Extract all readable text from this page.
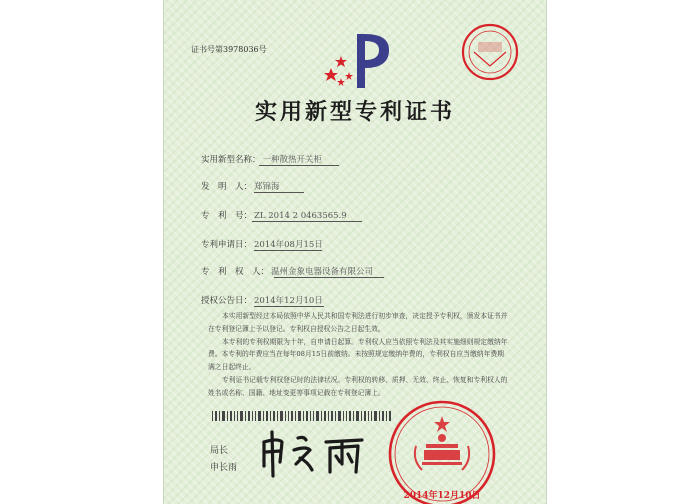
证书号第3978036号
实用新型专利证书
实用新型名称： 一种散热开关柜
发　明　人： 郑锦海
专　利　号： ZL 2014 2 0463565.9
专利申请日： 2014年08月15日
专　利　权　人： 温州金象电器设备有限公司
授权公告日： 2014年12月10日

本实用新型经过本局依照中华人民共和国专利法进行初步审查，决定授予专利权，颁发本证书并在专利登记簿上予以登记。专利权自授权公告之日起生效。

本专利的专利权期限为十年，自申请日起算。专利权人应当依照专利法及其实施细则规定缴纳年费。本专利的年费应当在每年08月15日前缴纳。未按照规定缴纳年费的，专利权自应当缴纳年费期满之日起终止。

专利证书记载专利权登记时的法律状况。专利权的转移、质押、无效、终止、恢复和专利权人的姓名或名称、国籍、地址变更等事项记载在专利登记簿上。

局长
申长雨
2014年12月10日
